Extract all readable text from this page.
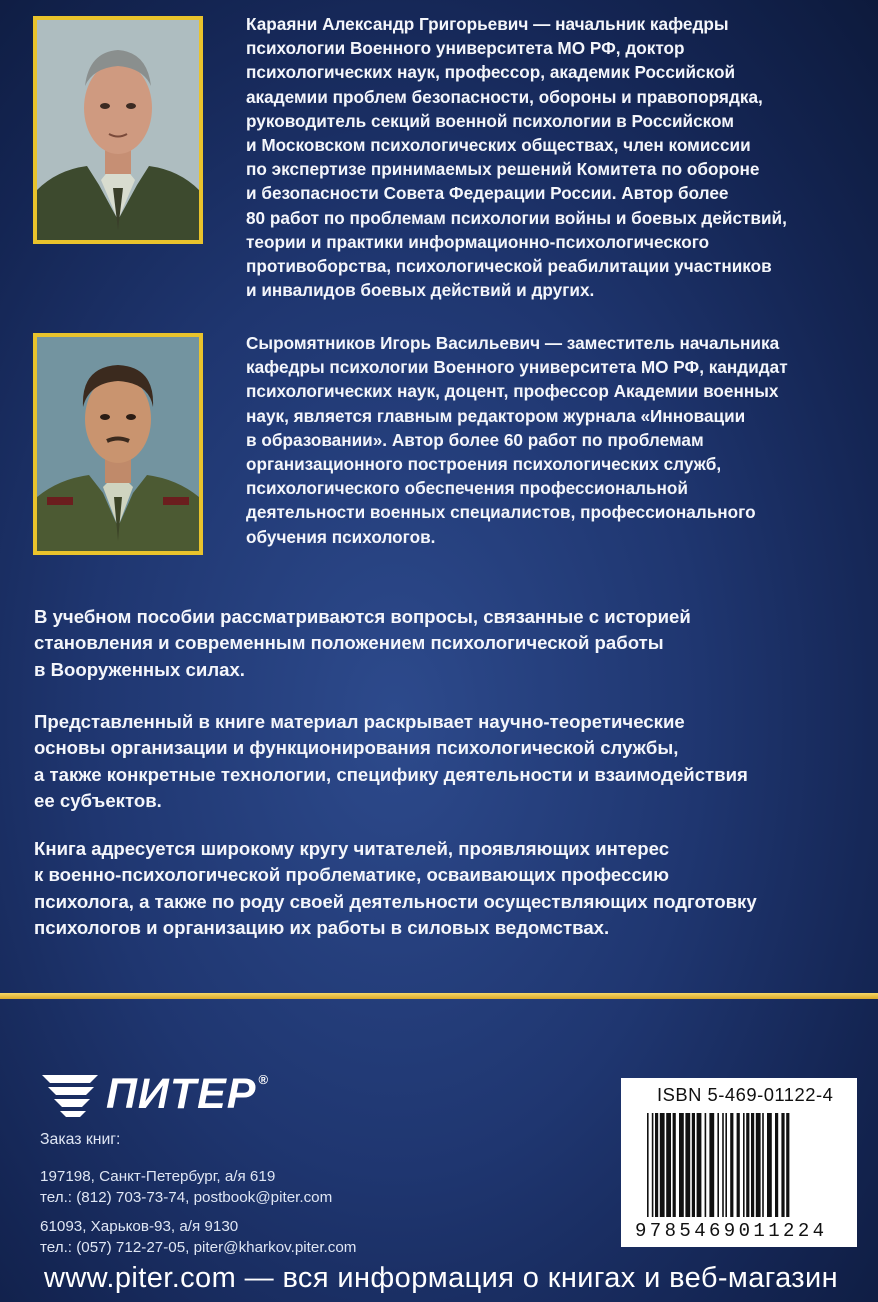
Караяни Александр Григорьевич — начальник кафедры
психологии Военного университета МО РФ, доктор
психологических наук, профессор, академик Российской
академии проблем безопасности, обороны и правопорядка,
руководитель секций военной психологии в Российском
и Московском психологических обществах, член комиссии
по экспертизе принимаемых решений Комитета по обороне
и безопасности Совета Федерации России. Автор более
80 работ по проблемам психологии войны и боевых действий,
теории и практики информационно-психологического
противоборства, психологической реабилитации участников
и инвалидов боевых действий и других.
Сыромятников Игорь Васильевич — заместитель начальника
кафедры психологии Военного университета МО РФ, кандидат
психологических наук, доцент, профессор Академии военных
наук, является главным редактором журнала «Инновации
в образовании». Автор более 60 работ по проблемам
организационного построения психологических служб,
психологического обеспечения профессиональной
деятельности военных специалистов, профессионального
обучения психологов.
В учебном пособии рассматриваются вопросы, связанные с историей
становления и современным положением психологической работы
в Вооруженных силах.
Представленный в книге материал раскрывает научно-теоретические
основы организации и функционирования психологической службы,
а также конкретные технологии, специфику деятельности и взаимодействия
ее субъектов.
Книга адресуется широкому кругу читателей, проявляющих интерес
к военно-психологической проблематике, осваивающих профессию
психолога, а также по роду своей деятельности осуществляющих подготовку
психологов и организацию их работы в силовых ведомствах.
ПИТЕР ®
Заказ книг:
197198, Санкт-Петербург, а/я 619
тел.: (812) 703-73-74, postbook@piter.com
61093, Харьков-93, а/я 9130
тел.: (057) 712-27-05, piter@kharkov.piter.com
ISBN 5-469-01122-4
9785469011224
www.piter.com — вся информация о книгах и веб-магазин
